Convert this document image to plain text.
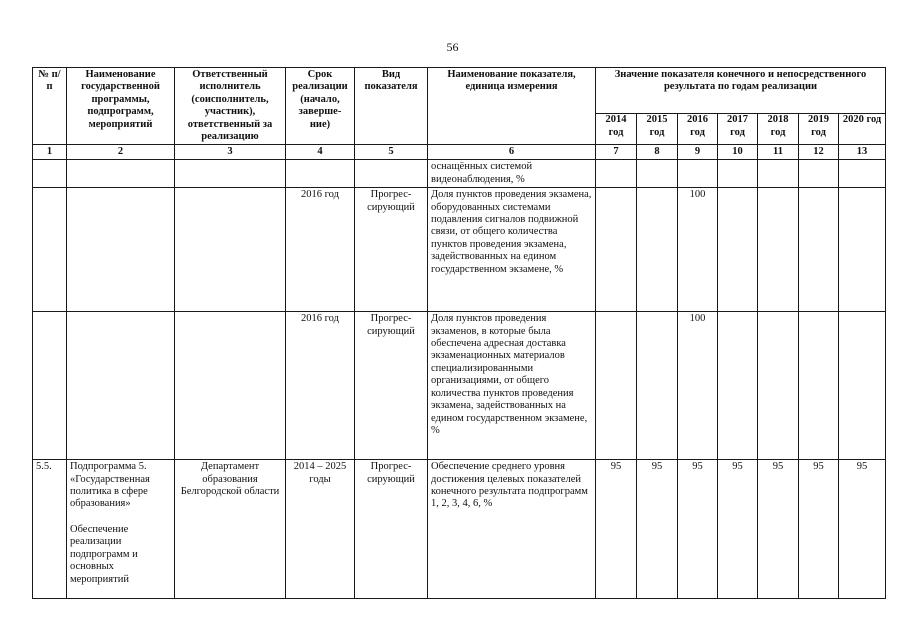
56
№ п/п	Наименование государственной программы, подпрограмм, мероприятий	Ответственный исполнитель (соисполнитель, участник), ответственный за реализацию	Срок реализации (начало, заверше-ние)	Вид показателя	Наименование показателя, единица измерения	Значение показателя конечного и непосредственного результата по годам реализации						
						2014 год	2015 год	2016 год	2017 год	2018 год	2019 год	2020 год
1	2	3	4	5	6	7	8	9	10	11	12	13
					оснащённых системой видеонаблюдения, %							
			2016 год	Прогрес-сирующий	Доля пунктов проведения экзамена, оборудованных системами подавления сигналов подвижной связи, от общего количества пунктов проведения экзамена, задействованных на едином государственном экзамене, %			100				
			2016 год	Прогрес-сирующий	Доля пунктов проведения экзаменов, в которые была обеспечена адресная доставка экзаменационных материалов специализированными организациями, от общего количества пунктов проведения экзамена, задействованных на едином государственном экзамене, %			100				
5.5.	Подпрограмма 5. «Государственная политика в сфере образования»
Обеспечение реализации подпрограмм и основных мероприятий	Департамент образования Белгородской области	2014 – 2025 годы	Прогрес-сирующий	Обеспечение среднего уровня достижения целевых показателей конечного результата подпрограмм 1, 2, 3, 4, 6, %	95	95	95	95	95	95	95
